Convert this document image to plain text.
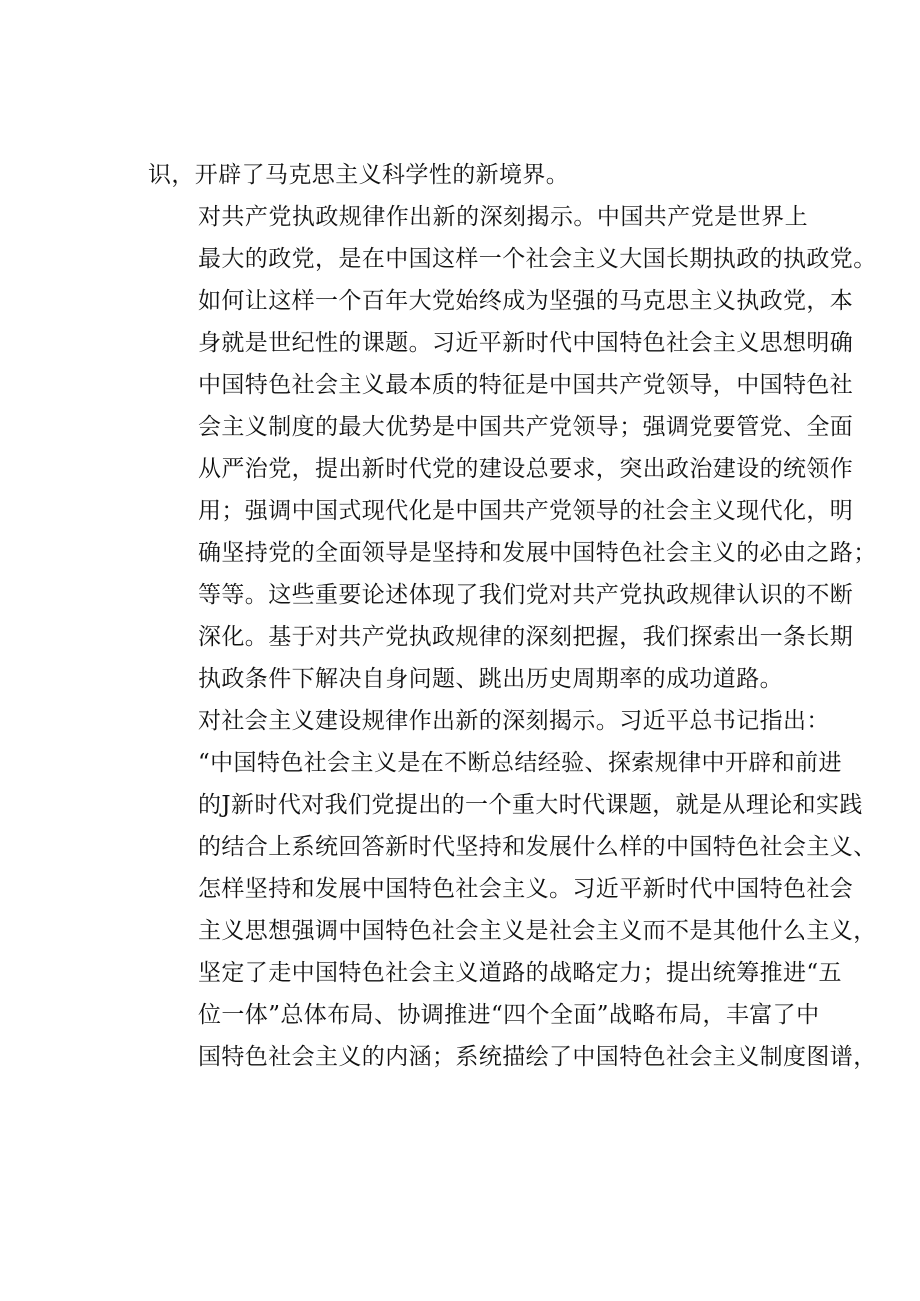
识，开辟了马克思主义科学性的新境界。

对共产党执政规律作出新的深刻揭示。中国共产党是世界上
最大的政党，是在中国这样一个社会主义大国长期执政的执政党。
如何让这样一个百年大党始终成为坚强的马克思主义执政党，本
身就是世纪性的课题。习近平新时代中国特色社会主义思想明确
中国特色社会主义最本质的特征是中国共产党领导，中国特色社
会主义制度的最大优势是中国共产党领导；强调党要管党、全面
从严治党，提出新时代党的建设总要求，突出政治建设的统领作
用；强调中国式现代化是中国共产党领导的社会主义现代化，明
确坚持党的全面领导是坚持和发展中国特色社会主义的必由之路；
等等。这些重要论述体现了我们党对共产党执政规律认识的不断
深化。基于对共产党执政规律的深刻把握，我们探索出一条长期
执政条件下解决自身问题、跳出历史周期率的成功道路。

对社会主义建设规律作出新的深刻揭示。习近平总书记指出：
“中国特色社会主义是在不断总结经验、探索规律中开辟和前进
的J新时代对我们党提出的一个重大时代课题，就是从理论和实践
的结合上系统回答新时代坚持和发展什么样的中国特色社会主义、
怎样坚持和发展中国特色社会主义。习近平新时代中国特色社会
主义思想强调中国特色社会主义是社会主义而不是其他什么主义，
坚定了走中国特色社会主义道路的战略定力；提出统筹推进“五
位一体”总体布局、协调推进“四个全面”战略布局，丰富了中
国特色社会主义的内涵；系统描绘了中国特色社会主义制度图谱，
